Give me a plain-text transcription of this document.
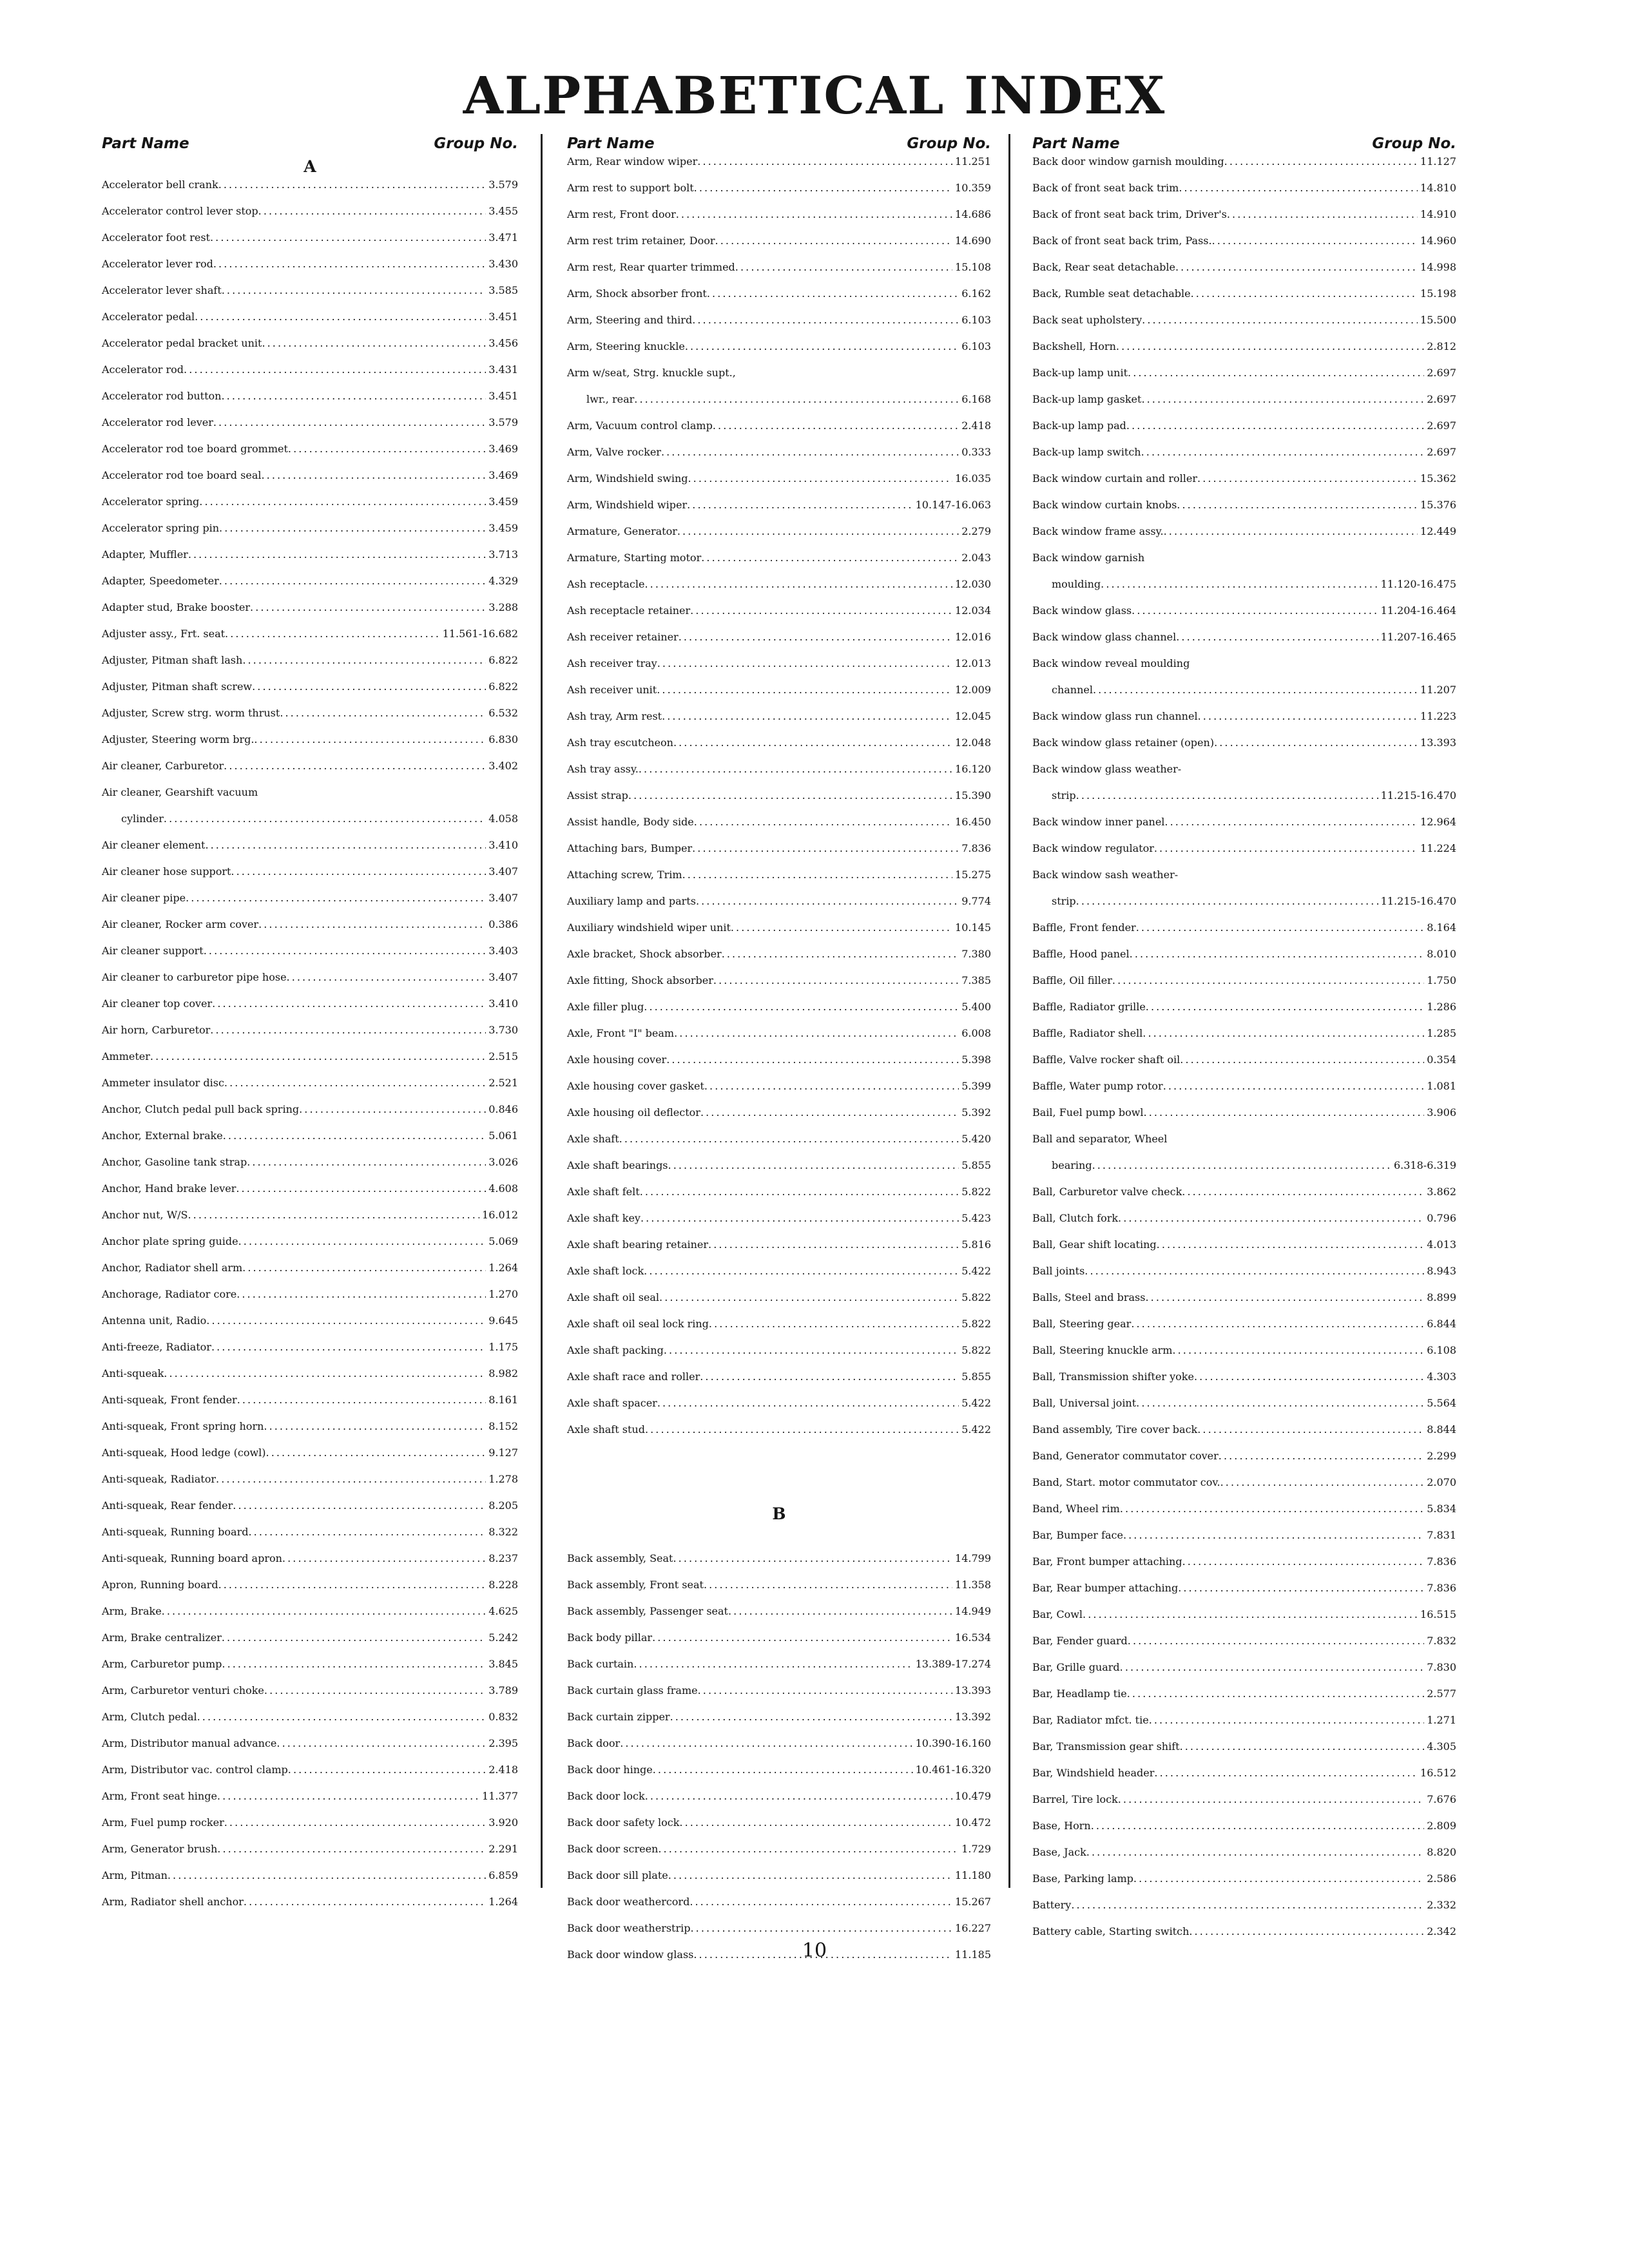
ALPHABETICAL INDEX
Part Name	Group No.
A
Accelerator bell crank . . .	3.579
Accelerator control lever stop . . .	3.455
Accelerator foot rest . . .	3.471
Accelerator lever rod . . .	3.430
Accelerator lever shaft . . .	3.585
Accelerator pedal . . .	3.451
Accelerator pedal bracket unit . . .	3.456
Accelerator rod . . .	3.431
Accelerator rod button . . .	3.451
Accelerator rod lever . . .	3.579
Accelerator rod toe board grommet . . .	3.469
Accelerator rod toe board seal . . .	3.469
Accelerator spring . . .	3.459
Accelerator spring pin . . .	3.459
Adapter, Muffler . . .	3.713
Adapter, Speedometer . . .	4.329
Adapter stud, Brake booster . . .	3.288
Adjuster assy., Frt. seat . . .	11.561-16.682
Adjuster, Pitman shaft lash . . .	6.822
Adjuster, Pitman shaft screw . . .	6.822
Adjuster, Screw strg. worm thrust . . .	6.532
Adjuster, Steering worm brg. . . .	6.830
Air cleaner, Carburetor . . .	3.402
Air cleaner, Gearshift vacuum
cylinder . . .	4.058
Air cleaner element . . .	3.410
Air cleaner hose support . . .	3.407
Air cleaner pipe . . .	3.407
Air cleaner, Rocker arm cover . . .	0.386
Air cleaner support . . .	3.403
Air cleaner to carburetor pipe hose . . .	3.407
Air cleaner top cover . . .	3.410
Air horn, Carburetor . . .	3.730
Ammeter . . .	2.515
Ammeter insulator disc . . .	2.521
Anchor, Clutch pedal pull back spring . . .	0.846
Anchor, External brake . . .	5.061
Anchor, Gasoline tank strap . . .	3.026
Anchor, Hand brake lever . . .	4.608
Anchor nut, W/S . . .	16.012
Anchor plate spring guide . . .	5.069
Anchor, Radiator shell arm . . .	1.264
Anchorage, Radiator core . . .	1.270
Antenna unit, Radio . . .	9.645
Anti-freeze, Radiator . . .	1.175
Anti-squeak . . .	8.982
Anti-squeak, Front fender . . .	8.161
Anti-squeak, Front spring horn . . .	8.152
Anti-squeak, Hood ledge (cowl) . . .	9.127
Anti-squeak, Radiator . . .	1.278
Anti-squeak, Rear fender . . .	8.205
Anti-squeak, Running board . . .	8.322
Anti-squeak, Running board apron . . .	8.237
Apron, Running board . . .	8.228
Arm, Brake . . .	4.625
Arm, Brake centralizer . . .	5.242
Arm, Carburetor pump . . .	3.845
Arm, Carburetor venturi choke . . .	3.789
Arm, Clutch pedal . . .	0.832
Arm, Distributor manual advance . . .	2.395
Arm, Distributor vac. control clamp . . .	2.418
Arm, Front seat hinge . . .	11.377
Arm, Fuel pump rocker . . .	3.920
Arm, Generator brush . . .	2.291
Arm, Pitman . . .	6.859
Arm, Radiator shell anchor . . .	1.264
Part Name	Group No.
Arm, Rear window wiper . . .	11.251
Arm rest to support bolt . . .	10.359
Arm rest, Front door . . .	14.686
Arm rest trim retainer, Door . . .	14.690
Arm rest, Rear quarter trimmed . . .	15.108
Arm, Shock absorber front . . .	6.162
Arm, Steering and third . . .	6.103
Arm, Steering knuckle . . .	6.103
Arm w/seat, Strg. knuckle supt.,
lwr., rear . . .	6.168
Arm, Vacuum control clamp . . .	2.418
Arm, Valve rocker . . .	0.333
Arm, Windshield swing . . .	16.035
Arm, Windshield wiper . . .	10.147-16.063
Armature, Generator . . .	2.279
Armature, Starting motor . . .	2.043
Ash receptacle . . .	12.030
Ash receptacle retainer . . .	12.034
Ash receiver retainer . . .	12.016
Ash receiver tray . . .	12.013
Ash receiver unit . . .	12.009
Ash tray, Arm rest . . .	12.045
Ash tray escutcheon . . .	12.048
Ash tray assy. . . .	16.120
Assist strap . . .	15.390
Assist handle, Body side . . .	16.450
Attaching bars, Bumper . . .	7.836
Attaching screw, Trim . . .	15.275
Auxiliary lamp and parts . . .	9.774
Auxiliary windshield wiper unit . . .	10.145
Axle bracket, Shock absorber . . .	7.380
Axle fitting, Shock absorber . . .	7.385
Axle filler plug . . .	5.400
Axle, Front "I" beam . . .	6.008
Axle housing cover . . .	5.398
Axle housing cover gasket . . .	5.399
Axle housing oil deflector . . .	5.392
Axle shaft . . .	5.420
Axle shaft bearings . . .	5.855
Axle shaft felt . . .	5.822
Axle shaft key . . .	5.423
Axle shaft bearing retainer . . .	5.816
Axle shaft lock . . .	5.422
Axle shaft oil seal . . .	5.822
Axle shaft oil seal lock ring . . .	5.822
Axle shaft packing . . .	5.822
Axle shaft race and roller . . .	5.855
Axle shaft spacer . . .	5.422
Axle shaft stud . . .	5.422
B
Back assembly, Seat . . .	14.799
Back assembly, Front seat . . .	11.358
Back assembly, Passenger seat . . .	14.949
Back body pillar . . .	16.534
Back curtain . . .	13.389-17.274
Back curtain glass frame . . .	13.393
Back curtain zipper . . .	13.392
Back door . . .	10.390-16.160
Back door hinge . . .	10.461-16.320
Back door lock . . .	10.479
Back door safety lock . . .	10.472
Back door screen . . .	1.729
Back door sill plate . . .	11.180
Back door weathercord . . .	15.267
Back door weatherstrip . . .	16.227
Back door window glass . . .	11.185
Part Name	Group No.
Back door window garnish moulding . . .	11.127
Back of front seat back trim . . .	14.810
Back of front seat back trim, Driver's . . .	14.910
Back of front seat back trim, Pass. . . .	14.960
Back, Rear seat detachable . . .	14.998
Back, Rumble seat detachable . . .	15.198
Back seat upholstery . . .	15.500
Backshell, Horn . . .	2.812
Back-up lamp unit . . .	2.697
Back-up lamp gasket . . .	2.697
Back-up lamp pad . . .	2.697
Back-up lamp switch . . .	2.697
Back window curtain and roller . . .	15.362
Back window curtain knobs . . .	15.376
Back window frame assy. . . .	12.449
Back window garnish
moulding . . .	11.120-16.475
Back window glass . . .	11.204-16.464
Back window glass channel . . .	11.207-16.465
Back window reveal moulding
channel . . .	11.207
Back window glass run channel . . .	11.223
Back window glass retainer (open) . . .	13.393
Back window glass weather-
strip . . .	11.215-16.470
Back window inner panel . . .	12.964
Back window regulator . . .	11.224
Back window sash weather-
strip . . .	11.215-16.470
Baffle, Front fender . . .	8.164
Baffle, Hood panel . . .	8.010
Baffle, Oil filler . . .	1.750
Baffle, Radiator grille . . .	1.286
Baffle, Radiator shell . . .	1.285
Baffle, Valve rocker shaft oil . . .	0.354
Baffle, Water pump rotor . . .	1.081
Bail, Fuel pump bowl . . .	3.906
Ball and separator, Wheel
bearing . . .	6.318-6.319
Ball, Carburetor valve check . . .	3.862
Ball, Clutch fork . . .	0.796
Ball, Gear shift locating . . .	4.013
Ball joints . . .	8.943
Balls, Steel and brass . . .	8.899
Ball, Steering gear . . .	6.844
Ball, Steering knuckle arm . . .	6.108
Ball, Transmission shifter yoke . . .	4.303
Ball, Universal joint . . .	5.564
Band assembly, Tire cover back . . .	8.844
Band, Generator commutator cover . . .	2.299
Band, Start. motor commutator cov. . . .	2.070
Band, Wheel rim . . .	5.834
Bar, Bumper face . . .	7.831
Bar, Front bumper attaching . . .	7.836
Bar, Rear bumper attaching . . .	7.836
Bar, Cowl . . .	16.515
Bar, Fender guard . . .	7.832
Bar, Grille guard . . .	7.830
Bar, Headlamp tie . . .	2.577
Bar, Radiator mfct. tie . . .	1.271
Bar, Transmission gear shift . . .	4.305
Bar, Windshield header . . .	16.512
Barrel, Tire lock . . .	7.676
Base, Horn . . .	2.809
Base, Jack . . .	8.820
Base, Parking lamp . . .	2.586
Battery . . .	2.332
Battery cable, Starting switch . . .	2.342
10
